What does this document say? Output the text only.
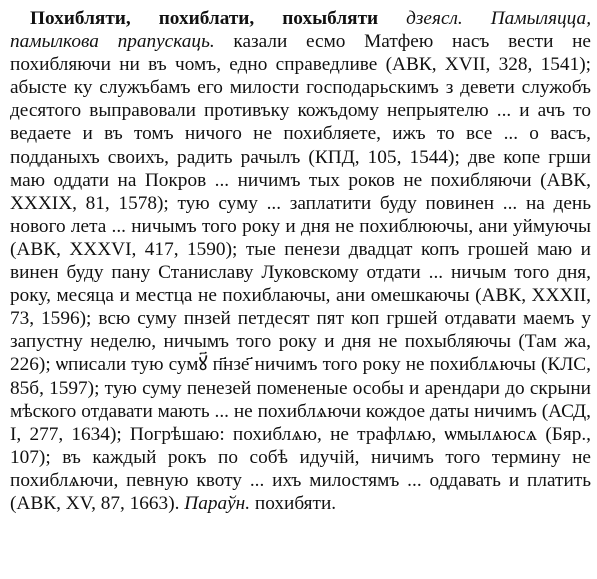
Похибляти, похиблати, похыбляти дзеясл. Памыляцца, памылкова прапускаць. казали есмо Матфею насъ вести не похибляючи ни въ чомъ, едно справедливе (АВК, XVII, 328, 1541); абысте ку служъбамъ его милости господарьскимъ з девети служобъ десятого выправовали противъку кожъдому непрыятелю ... и ачъ то ведаете и въ томъ ничого не похибляете, ижъ то все ... о васъ, подданыхъ своихъ, радить рачылъ (КПД, 105, 1544); две копе грши маю оддати на Покров ... ничимъ тых роков не похибляючи (АВК, XXXIX, 81, 1578); тую суму ... заплатити буду повинен ... на день нового лета ... ничымъ того року и дня не похиблюючы, ани уймуючы (АВК, XXXVI, 417, 1590); тые пенези двадцат копъ грошей маю и винен буду пану Станиславу Луковскому отдати ... ничым того дня, року, месяца и местца не похиблаючы, ани омешкаючы (АВК, XXXII, 73, 1596); всю суму пнзей петдесят пят коп гршей отдавати маемъ у запустну неделю, ничымъ того року и дня не похыбляючы (Там жа, 226); ѡписали тую сумꙋ҃ п҃нзе҃ ничимъ того року не похиблѧючы (КЛС, 85б, 1597); тую суму пенезей помененые особы и арендари до скрыни мѣского отдавати мають ... не похиблѧючи кождое даты ничимъ (АСД, I, 277, 1634); Погрѣшаю: похиблѧю, не трафлѧю, ѡмылѧюсѧ (Бяр., 107); въ каждый рокъ по собѣ идучій, ничимъ того термину не похиблѧючи, певную квоту ... ихъ милостямъ ... оддавать и платить (АВК, XV, 87, 1663). Параўн. похибяти.
